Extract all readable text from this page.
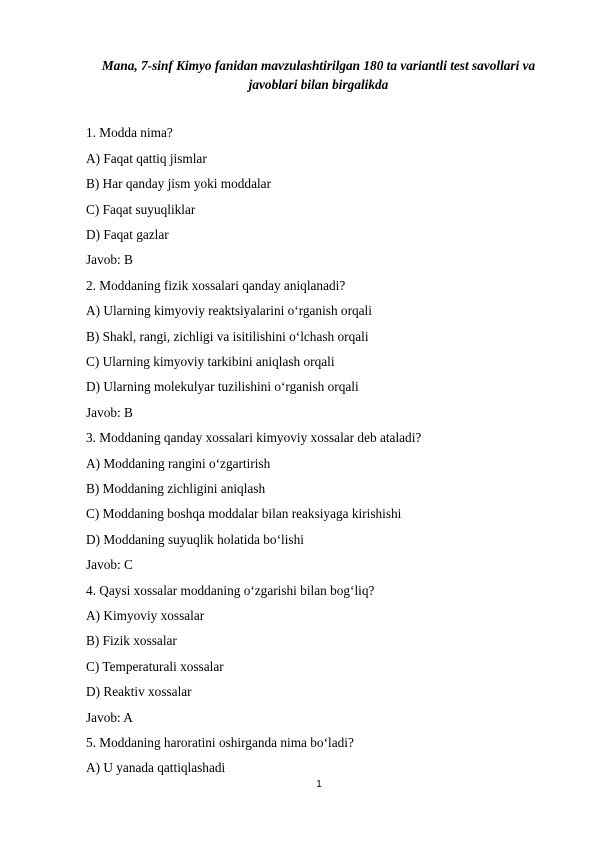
Mana, 7-sinf Kimyo fanidan mavzulashtirilgan 180 ta variantli test savollari va javoblari bilan birgalikda
1. Modda nima?
A) Faqat qattiq jismlar
B) Har qanday jism yoki moddalar
C) Faqat suyuqliklar
D) Faqat gazlar
Javob: B
2. Moddaning fizik xossalari qanday aniqlanadi?
A) Ularning kimyoviy reaktsiyalarini o‘rganish orqali
B) Shakl, rangi, zichligi va isitilishini o‘lchash orqali
C) Ularning kimyoviy tarkibini aniqlash orqali
D) Ularning molekulyar tuzilishini o‘rganish orqali
Javob: B
3. Moddaning qanday xossalari kimyoviy xossalar deb ataladi?
A) Moddaning rangini o‘zgartirish
B) Moddaning zichligini aniqlash
C) Moddaning boshqa moddalar bilan reaksiyaga kirishishi
D) Moddaning suyuqlik holatida bo‘lishi
Javob: C
4. Qaysi xossalar moddaning o‘zgarishi bilan bog‘liq?
A) Kimyoviy xossalar
B) Fizik xossalar
C) Temperaturali xossalar
D) Reaktiv xossalar
Javob: A
5. Moddaning haroratini oshirganda nima bo‘ladi?
A) U yanada qattiqlashadi
1
